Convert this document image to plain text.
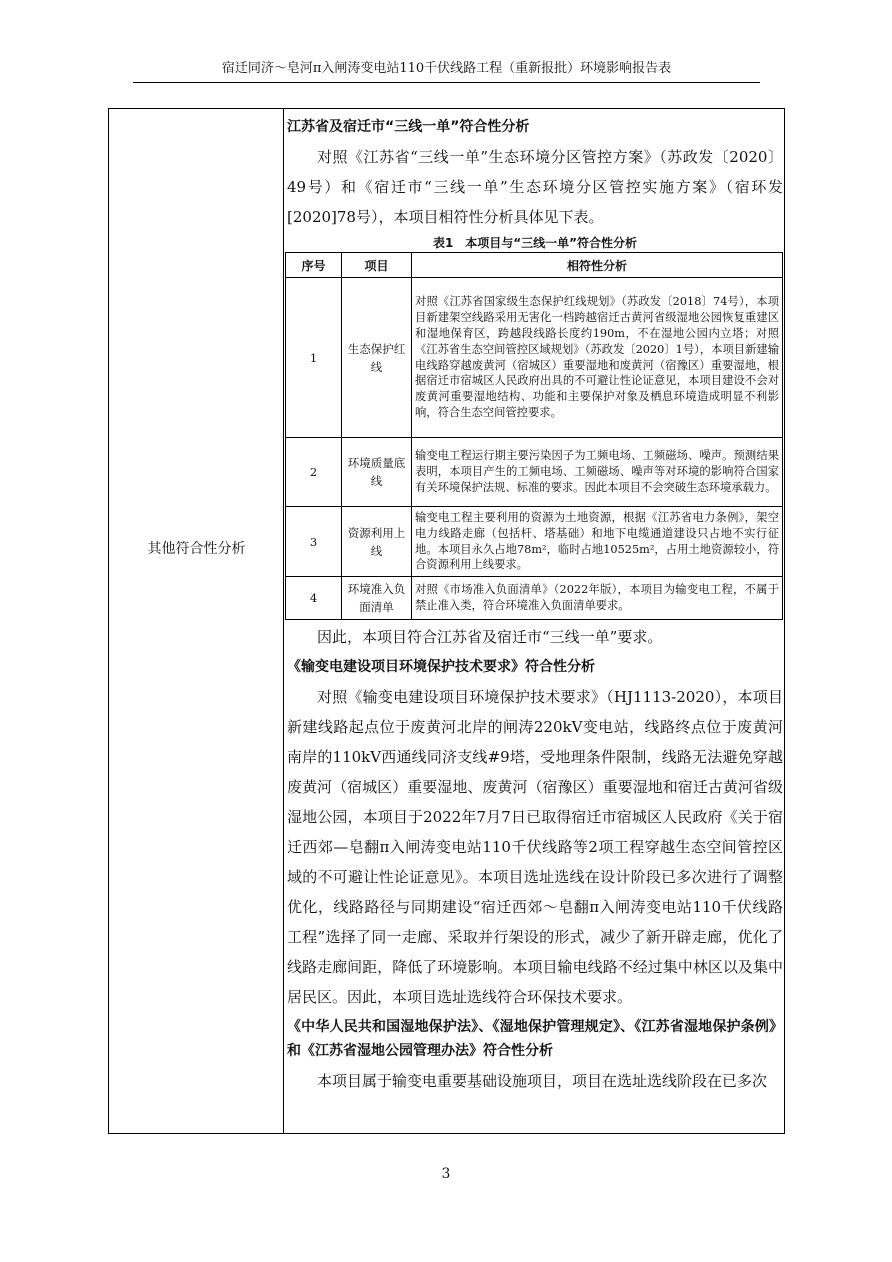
宿迁同济～皂河π入闸涛变电站110千伏线路工程（重新报批）环境影响报告表
其他符合性分析

江苏省及宿迁市“三线一单”符合性分析

对照《江苏省“三线一单”生态环境分区管控方案》（苏政发〔2020〕49号）和《宿迁市“三线一单”生态环境分区管控实施方案》（宿环发[2020]78号），本项目相符性分析具体见下表。

表1　本项目与“三线一单”符合性分析
序号	项目	相符性分析
1	生态保护红线	对照《江苏省国家级生态保护红线规划》（苏政发〔2018〕74号），本项目新建架空线路采用无害化一档跨越宿迁古黄河省级湿地公园恢复重建区和湿地保育区，跨越段线路长度约190m，不在湿地公园内立塔；对照《江苏省生态空间管控区域规划》（苏政发〔2020〕1号），本项目新建输电线路穿越废黄河（宿城区）重要湿地和废黄河（宿豫区）重要湿地，根据宿迁市宿城区人民政府出具的不可避让性论证意见，本项目建设不会对废黄河重要湿地结构、功能和主要保护对象及栖息环境造成明显不利影响，符合生态空间管控要求。
2	环境质量底线	输变电工程运行期主要污染因子为工频电场、工频磁场、噪声。预测结果表明，本项目产生的工频电场、工频磁场、噪声等对环境的影响符合国家有关环境保护法规、标准的要求。因此本项目不会突破生态环境承载力。
3	资源利用上线	输变电工程主要利用的资源为土地资源，根据《江苏省电力条例》，架空电力线路走廊（包括杆、塔基础）和地下电缆通道建设只占地不实行征地。本项目永久占地78m²，临时占地10525m²，占用土地资源较小，符合资源利用上线要求。
4	环境准入负面清单	对照《市场准入负面清单》（2022年版），本项目为输变电工程，不属于禁止准入类，符合环境准入负面清单要求。

因此，本项目符合江苏省及宿迁市“三线一单”要求。

《输变电建设项目环境保护技术要求》符合性分析

对照《输变电建设项目环境保护技术要求》（HJ1113-2020），本项目新建线路起点位于废黄河北岸的闸涛220kV变电站，线路终点位于废黄河南岸的110kV西通线同济支线#9塔，受地理条件限制，线路无法避免穿越废黄河（宿城区）重要湿地、废黄河（宿豫区）重要湿地和宿迁古黄河省级湿地公园，本项目于2022年7月7日已取得宿迁市宿城区人民政府《关于宿迁西郊—皂翻π入闸涛变电站110千伏线路等2项工程穿越生态空间管控区域的不可避让性论证意见》。本项目选址选线在设计阶段已多次进行了调整优化，线路路径与同期建设“宿迁西郊～皂翻π入闸涛变电站110千伏线路工程”选择了同一走廊、采取并行架设的形式，减少了新开辟走廊，优化了线路走廊间距，降低了环境影响。本项目输电线路不经过集中林区以及集中居民区。因此，本项目选址选线符合环保技术要求。

《中华人民共和国湿地保护法》、《湿地保护管理规定》、《江苏省湿地保护条例》和《江苏省湿地公园管理办法》符合性分析

本项目属于输变电重要基础设施项目，项目在选址选线阶段在已多次

3
